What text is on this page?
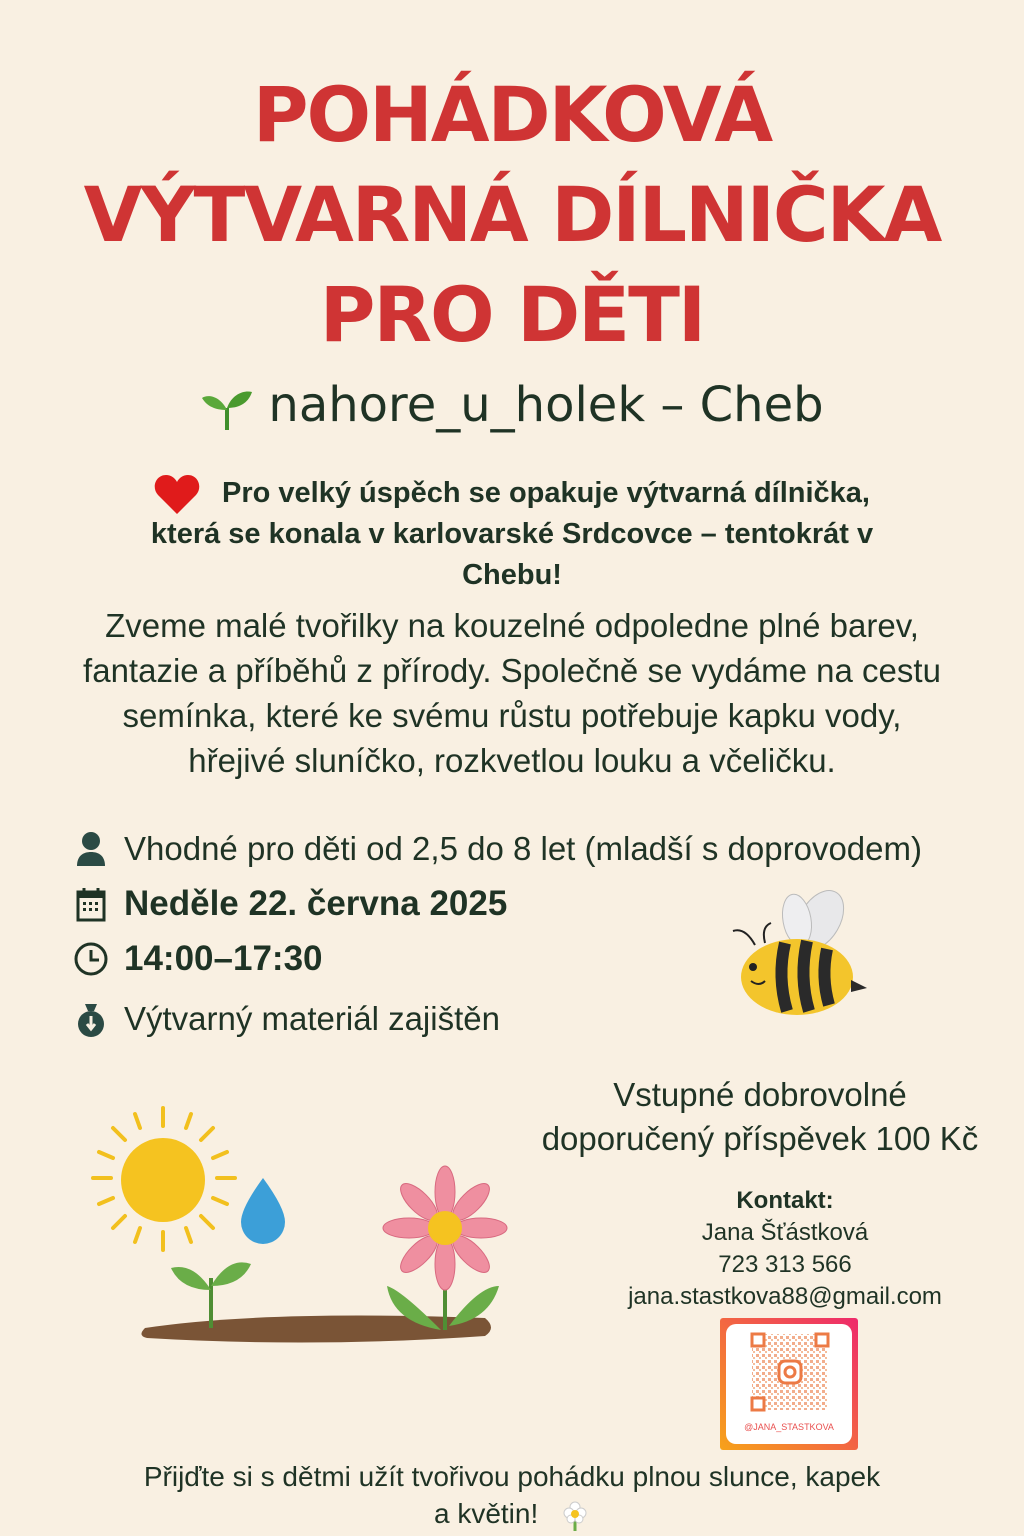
POHÁDKOVÁ
VÝTVARNÁ DÍLNIČKA
PRO DĚTI
nahore_u_holek – Cheb
Pro velký úspěch se opakuje výtvarná dílnička,
která se konala v karlovarské Srdcovce – tentokrát v
Chebu!
Zveme malé tvořilky na kouzelné odpoledne plné barev,
fantazie a příběhů z přírody. Společně se vydáme na cestu
semínka, které ke svému růstu potřebuje kapku vody,
hřejivé sluníčko, rozkvetlou louku a včeličku.
Vhodné pro děti od 2,5 do 8 let (mladší s doprovodem)
Neděle 22. června 2025
14:00–17:30
Výtvarný materiál zajištěn
Vstupné dobrovolné
doporučený příspěvek 100 Kč
Kontakt:
Jana Šťástková
723 313 566
jana.stastkova88@gmail.com
@JANA_STASTKOVA
Přijďte si s dětmi užít tvořivou pohádku plnou slunce, kapek
a květin!
